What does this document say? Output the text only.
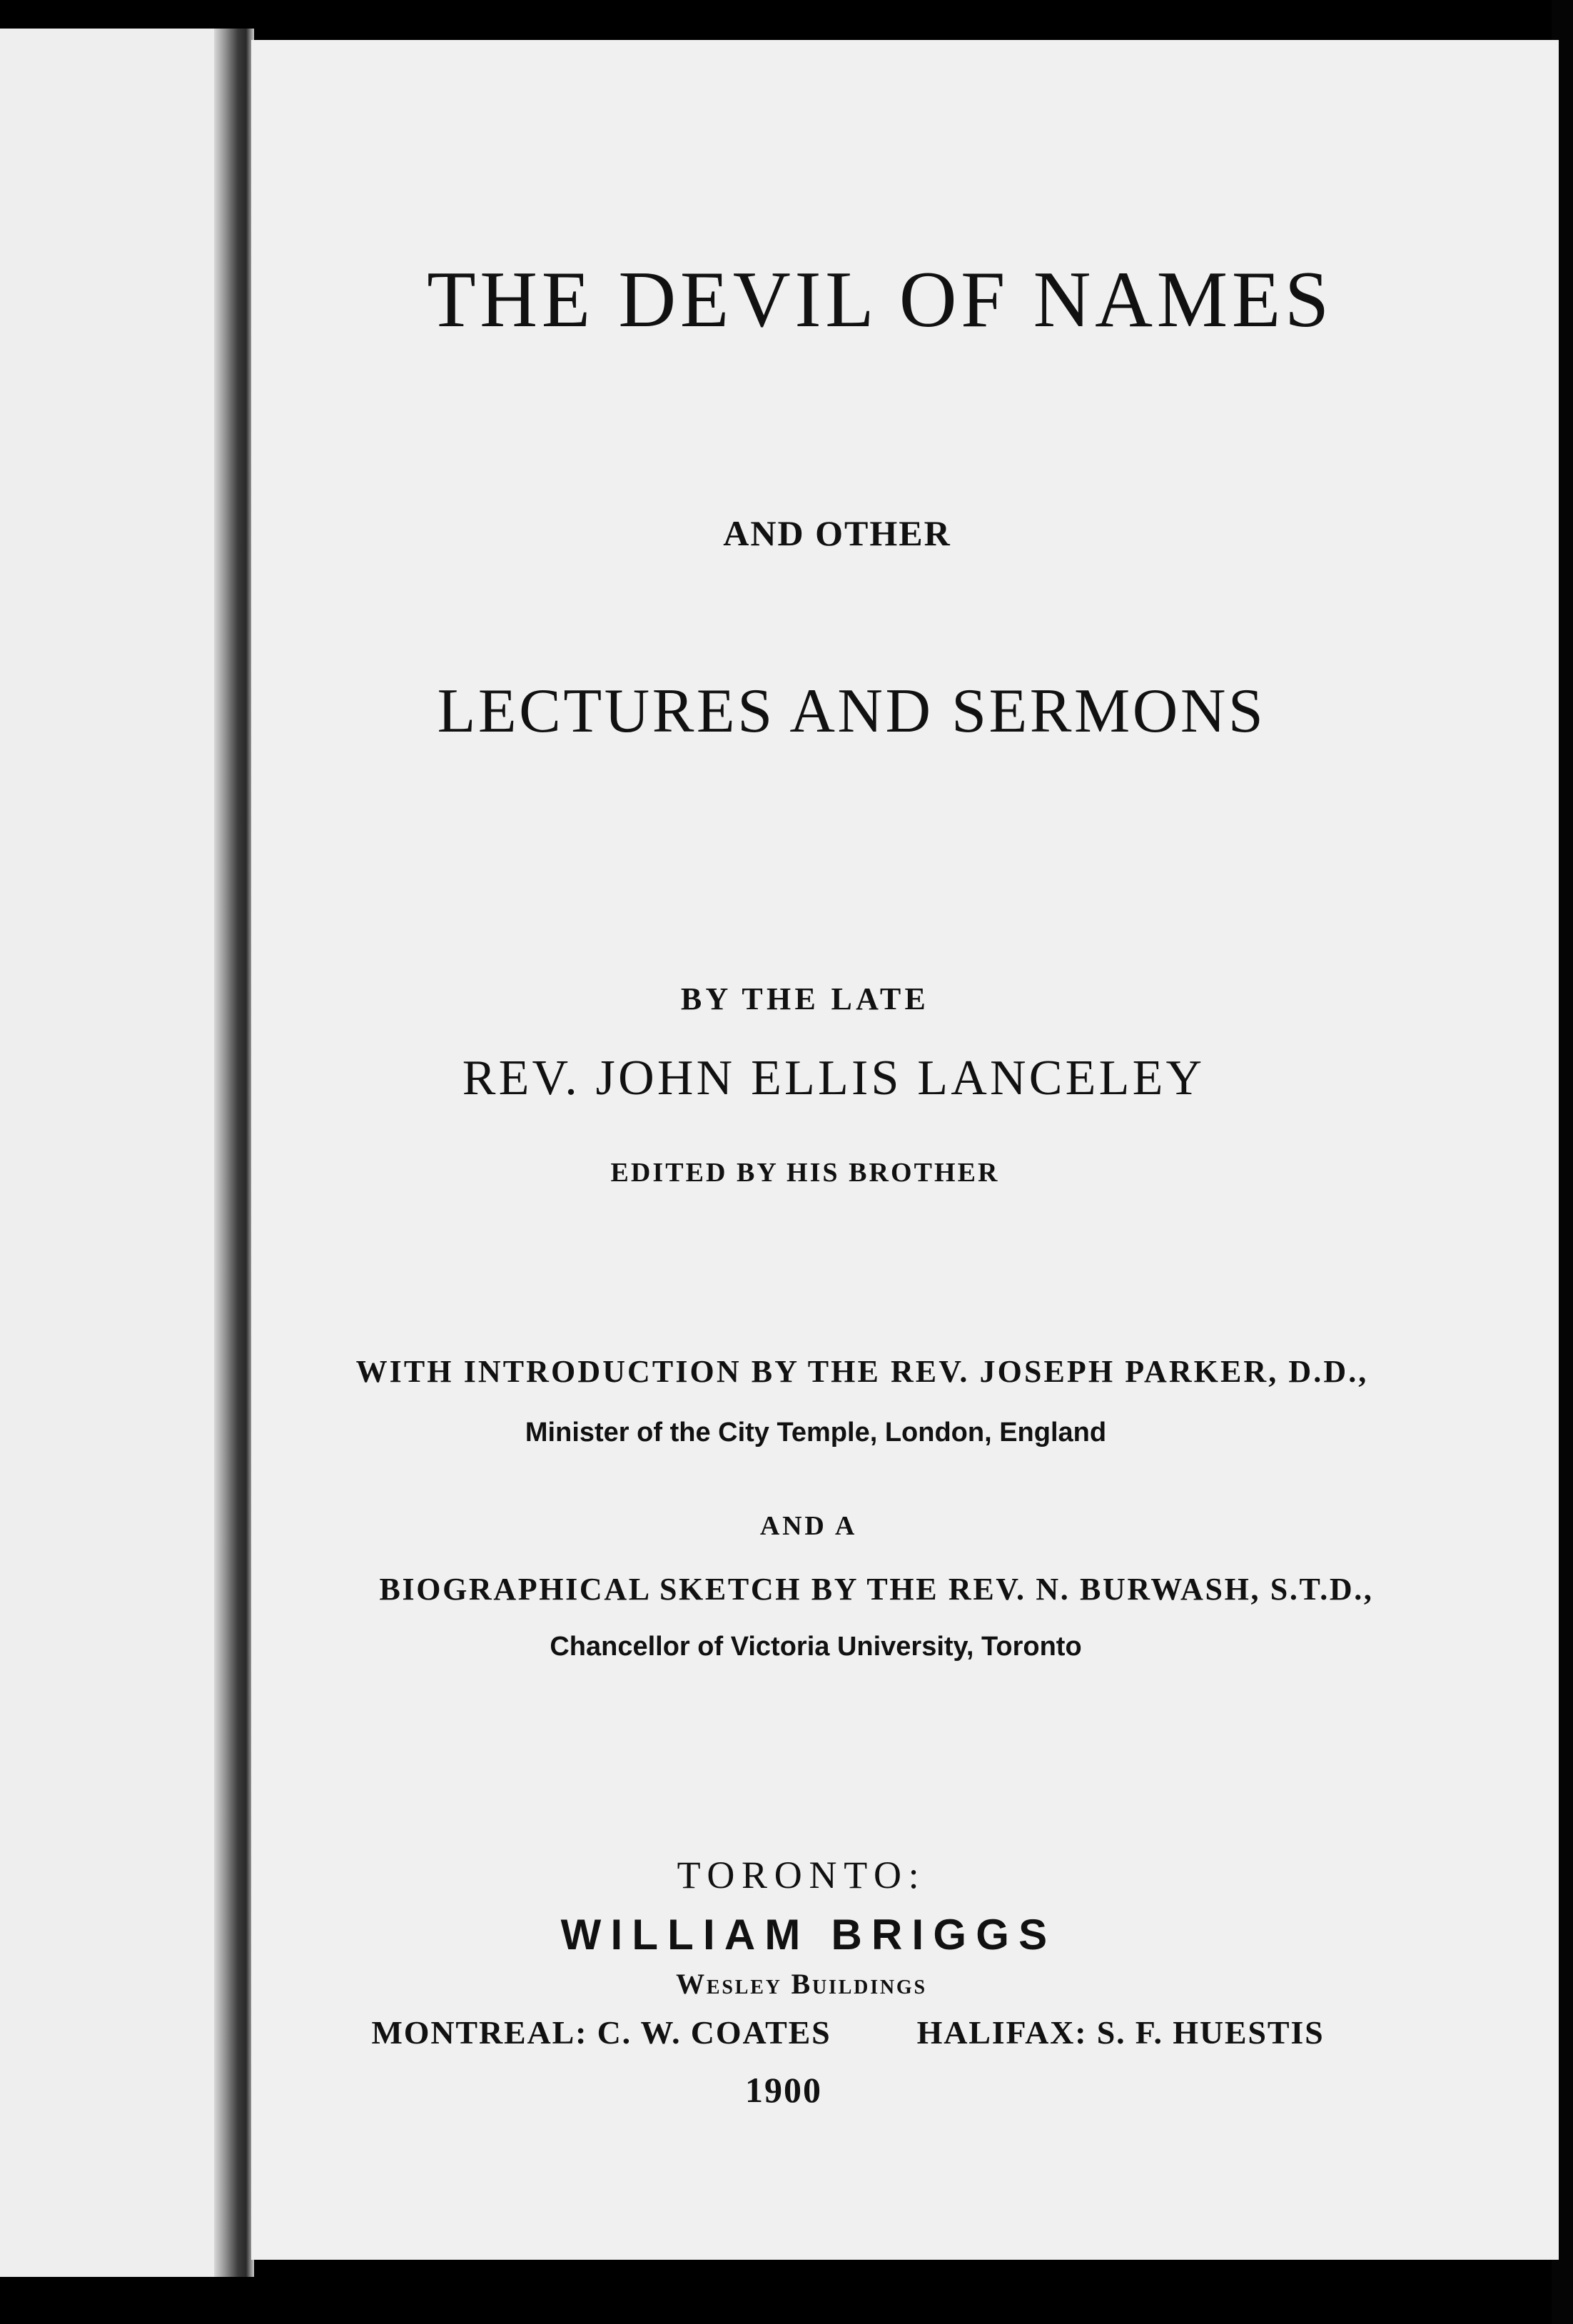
THE DEVIL OF NAMES
AND OTHER
LECTURES AND SERMONS
BY THE LATE
REV. JOHN ELLIS LANCELEY
EDITED BY HIS BROTHER
WITH INTRODUCTION BY THE REV. JOSEPH PARKER, D.D.,
Minister of the City Temple, London, England
AND A
BIOGRAPHICAL SKETCH BY THE REV. N. BURWASH, S.T.D.,
Chancellor of Victoria University, Toronto
TORONTO:
WILLIAM BRIGGS
Wesley Buildings
MONTREAL: C. W. COATES	HALIFAX: S. F. HUESTIS
1900
